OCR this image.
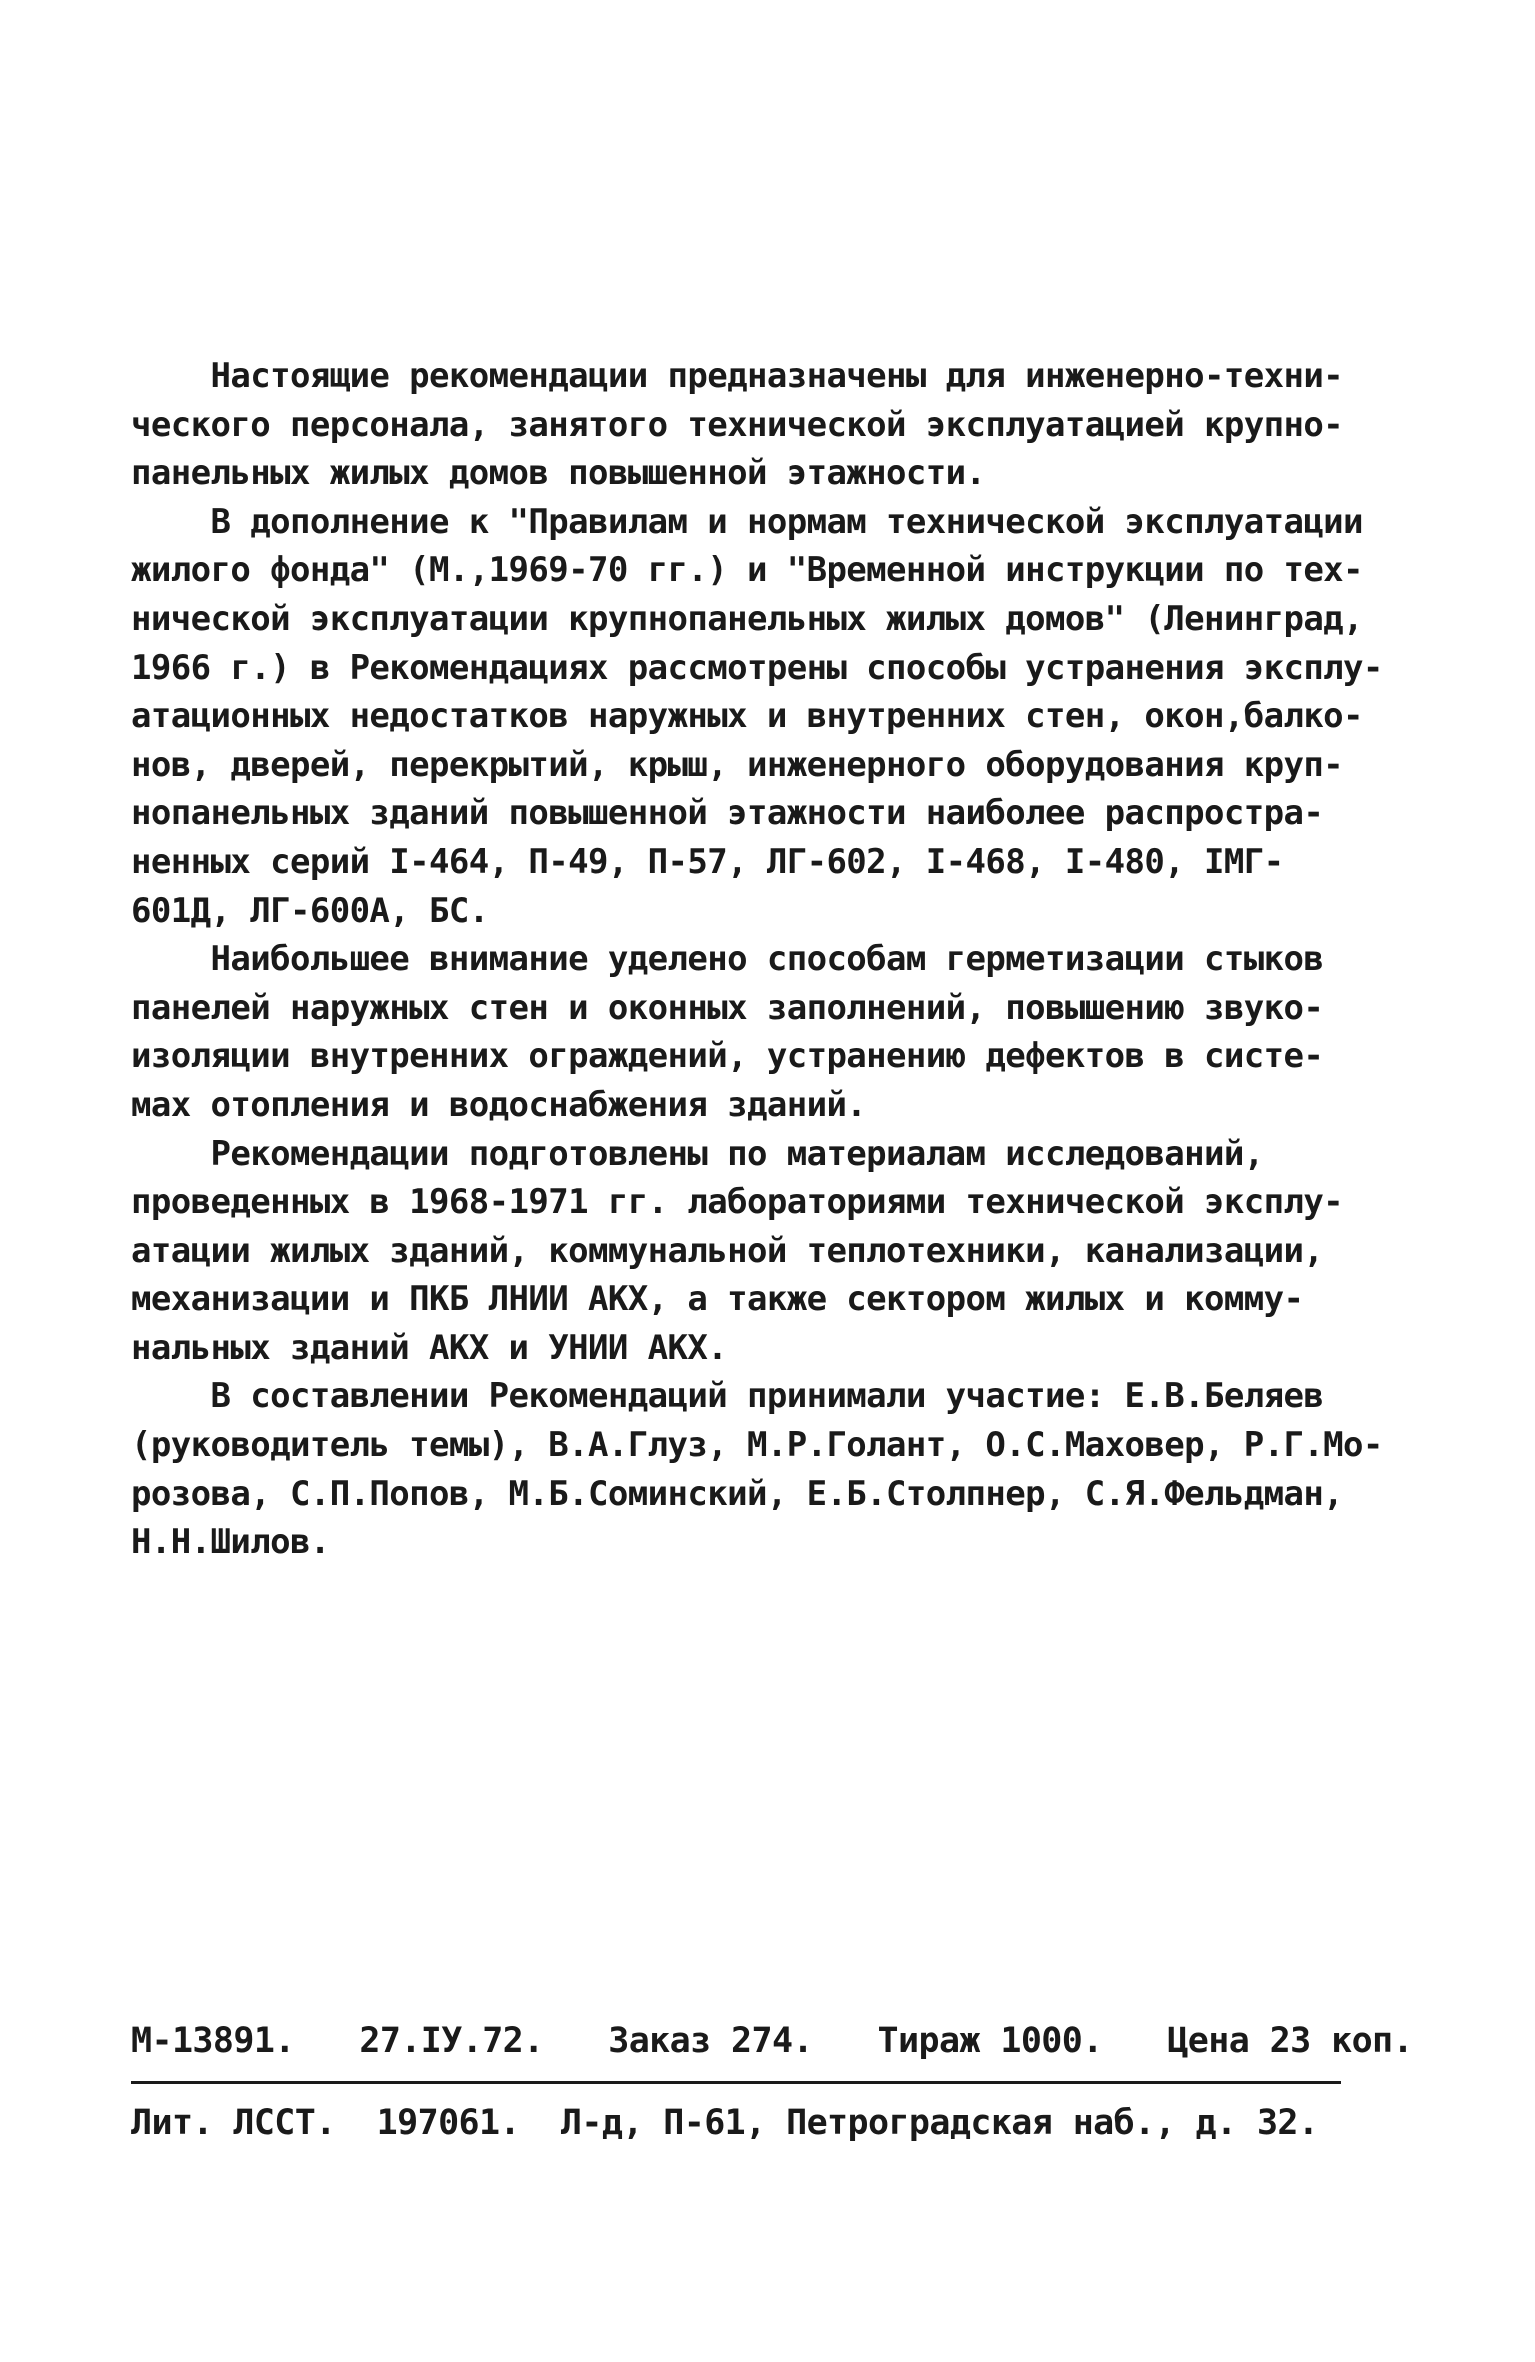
Настоящие рекомендации предназначены для инженерно-техни-
ческого персонала, занятого технической эксплуатацией крупно-
панельных жилых домов повышенной этажности.
В дополнение к "Правилам и нормам технической эксплуатации
жилого фонда" (М.,1969-70 гг.) и "Временной инструкции по тех-
нической эксплуатации крупнопанельных жилых домов" (Ленинград,
1966 г.) в Рекомендациях рассмотрены способы устранения эксплу-
атационных недостатков наружных и внутренних стен, окон,балко-
нов, дверей, перекрытий, крыш, инженерного оборудования круп-
нопанельных зданий повышенной этажности наиболее распростра-
ненных серий I-464, П-49, П-57, ЛГ-602, I-468, I-480, IМГ-
601Д, ЛГ-600А, БС.
Наибольшее внимание уделено способам герметизации стыков
панелей наружных стен и оконных заполнений, повышению звуко-
изоляции внутренних ограждений, устранению дефектов в систе-
мах отопления и водоснабжения зданий.
Рекомендации подготовлены по материалам исследований,
проведенных в 1968-1971 гг. лабораториями технической эксплу-
атации жилых зданий, коммунальной теплотехники, канализации,
механизации и ПКБ ЛНИИ АКХ, а также сектором жилых и комму-
нальных зданий АКХ и УНИИ АКХ.
В составлении Рекомендаций принимали участие: Е.В.Беляев
(руководитель темы), В.А.Глуз, М.Р.Голант, О.С.Маховер, Р.Г.Мо-
розова, С.П.Попов, М.Б.Соминский, Е.Б.Столпнер, С.Я.Фельдман,
Н.Н.Шилов.
М-13891. 27.IУ.72. Заказ 274. Тираж 1000. Цена 23 коп.
Лит. ЛССТ.  197061.  Л-д, П-61, Петроградская наб., д. 32.
